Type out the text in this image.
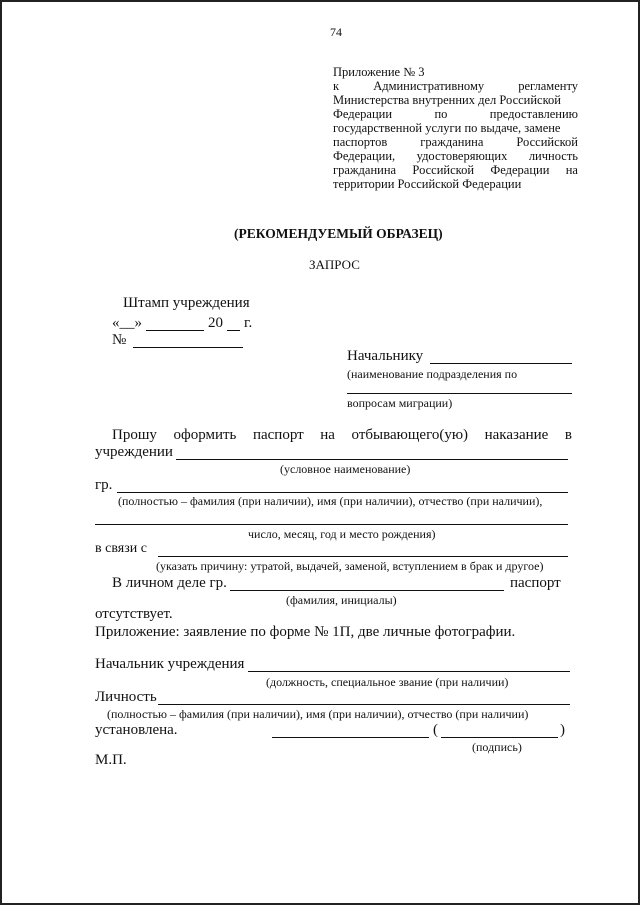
74
Приложение № 3
к	Административному	регламенту
Министерства внутренних дел Российской
Федерации	по	предоставлению
государственной услуги по выдаче, замене
паспортов	гражданина	Российской
Федерации, удостоверяющих личность
гражданина Российской Федерации на
территории Российской Федерации
(РЕКОМЕНДУЕМЫЙ ОБРАЗЕЦ)
ЗАПРОС
Штамп учреждения
«__»	20 г.
№
Начальнику
(наименование подразделения по
вопросам миграции)
Прошу оформить паспорт на отбывающего(ую) наказание в
учреждении
(условное наименование)
гр.
(полностью – фамилия (при наличии), имя (при наличии), отчество (при наличии),
число, месяц, год и место рождения)
в связи с
(указать причину: утратой, выдачей, заменой, вступлением в брак и другое)
В личном деле гр.	паспорт
(фамилия, инициалы)
отсутствует.
Приложение: заявление по форме № 1П, две личные фотографии.
Начальник учреждения
(должность, специальное звание (при наличии)
Личность
(полностью – фамилия (при наличии), имя (при наличии), отчество (при наличии)
установлена.	(	)
(подпись)
М.П.
